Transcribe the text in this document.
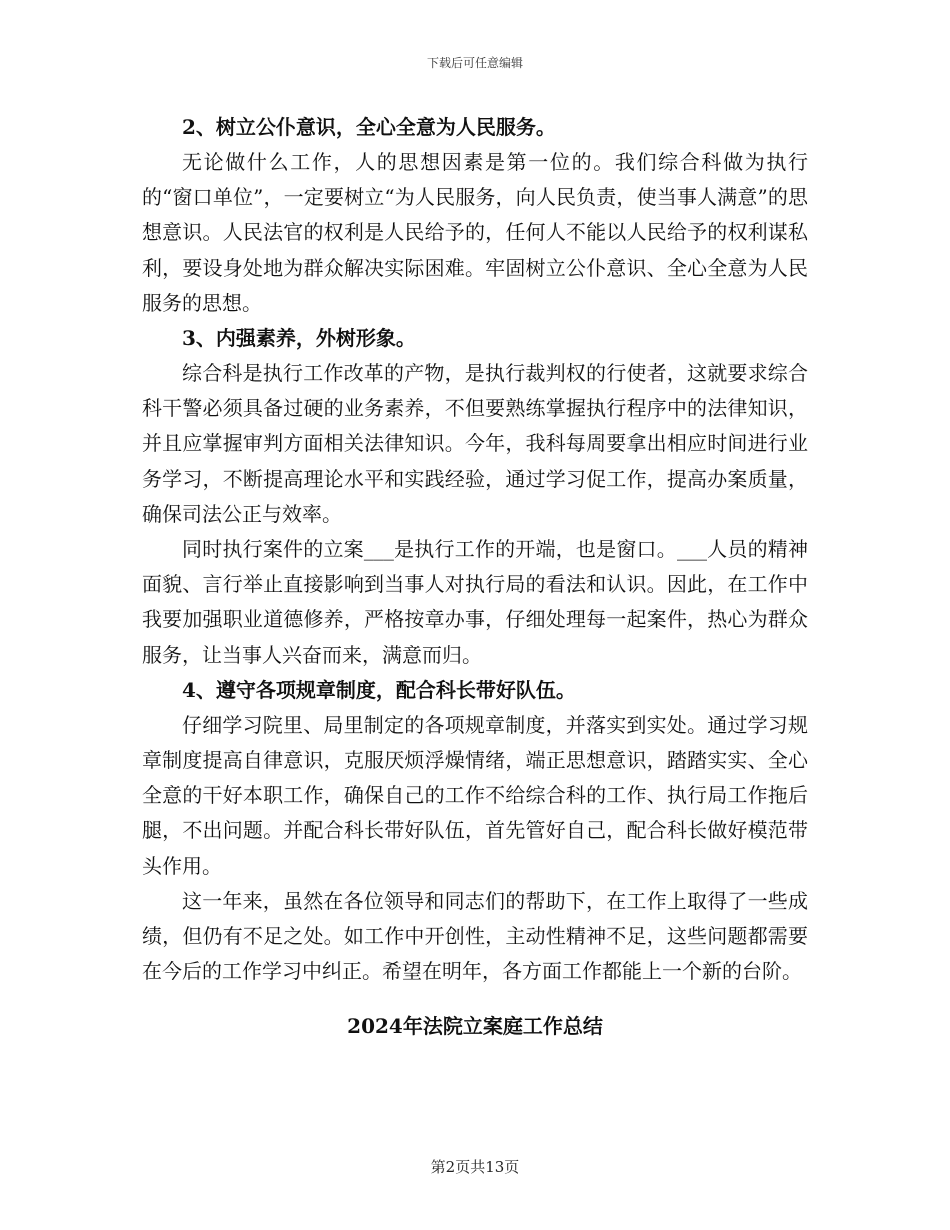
下载后可任意编辑

2、树立公仆意识，全心全意为人民服务。

无论做什么工作，人的思想因素是第一位的。我们综合科做为执行的“窗口单位”，一定要树立“为人民服务，向人民负责，使当事人满意”的思想意识。人民法官的权利是人民给予的，任何人不能以人民给予的权利谋私利，要设身处地为群众解决实际困难。牢固树立公仆意识、全心全意为人民服务的思想。

3、内强素养，外树形象。

综合科是执行工作改革的产物，是执行裁判权的行使者，这就要求综合科干警必须具备过硬的业务素养，不但要熟练掌握执行程序中的法律知识，并且应掌握审判方面相关法律知识。今年，我科每周要拿出相应时间进行业务学习，不断提高理论水平和实践经验，通过学习促工作，提高办案质量，确保司法公正与效率。

同时执行案件的立案___是执行工作的开端，也是窗口。___人员的精神面貌、言行举止直接影响到当事人对执行局的看法和认识。因此，在工作中我要加强职业道德修养，严格按章办事，仔细处理每一起案件，热心为群众服务，让当事人兴奋而来，满意而归。

4、遵守各项规章制度，配合科长带好队伍。

仔细学习院里、局里制定的各项规章制度，并落实到实处。通过学习规章制度提高自律意识，克服厌烦浮燥情绪，端正思想意识，踏踏实实、全心全意的干好本职工作，确保自己的工作不给综合科的工作、执行局工作拖后腿，不出问题。并配合科长带好队伍，首先管好自己，配合科长做好模范带头作用。

这一年来，虽然在各位领导和同志们的帮助下，在工作上取得了一些成绩，但仍有不足之处。如工作中开创性，主动性精神不足，这些问题都需要在今后的工作学习中纠正。希望在明年，各方面工作都能上一个新的台阶。

2024年法院立案庭工作总结

第2页共13页
